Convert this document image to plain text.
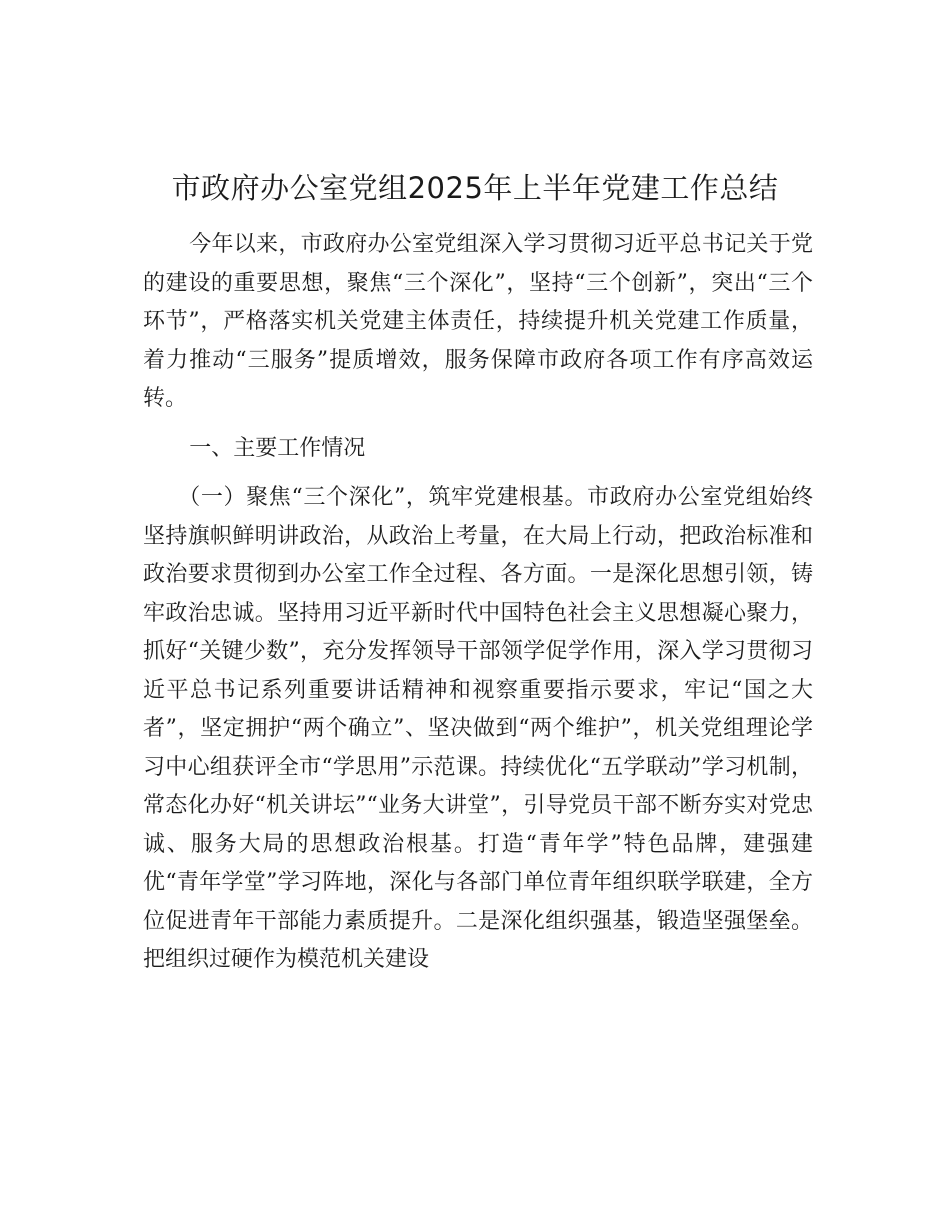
市政府办公室党组2025年上半年党建工作总结

今年以来，市政府办公室党组深入学习贯彻习近平总书记关于党的建设的重要思想，聚焦“三个深化”，坚持“三个创新”，突出“三个环节”，严格落实机关党建主体责任，持续提升机关党建工作质量，着力推动“三服务”提质增效，服务保障市政府各项工作有序高效运转。

一、主要工作情况

（一）聚焦“三个深化”，筑牢党建根基。市政府办公室党组始终坚持旗帜鲜明讲政治，从政治上考量，在大局上行动，把政治标准和政治要求贯彻到办公室工作全过程、各方面。一是深化思想引领，铸牢政治忠诚。坚持用习近平新时代中国特色社会主义思想凝心聚力，抓好“关键少数”，充分发挥领导干部领学促学作用，深入学习贯彻习近平总书记系列重要讲话精神和视察重要指示要求，牢记“国之大者”，坚定拥护“两个确立”、坚决做到“两个维护”，机关党组理论学习中心组获评全市“学思用”示范课。持续优化“五学联动”学习机制，常态化办好“机关讲坛”“业务大讲堂”，引导党员干部不断夯实对党忠诚、服务大局的思想政治根基。打造“青年学”特色品牌，建强建优“青年学堂”学习阵地，深化与各部门单位青年组织联学联建，全方位促进青年干部能力素质提升。二是深化组织强基，锻造坚强堡垒。把组织过硬作为模范机关建设
